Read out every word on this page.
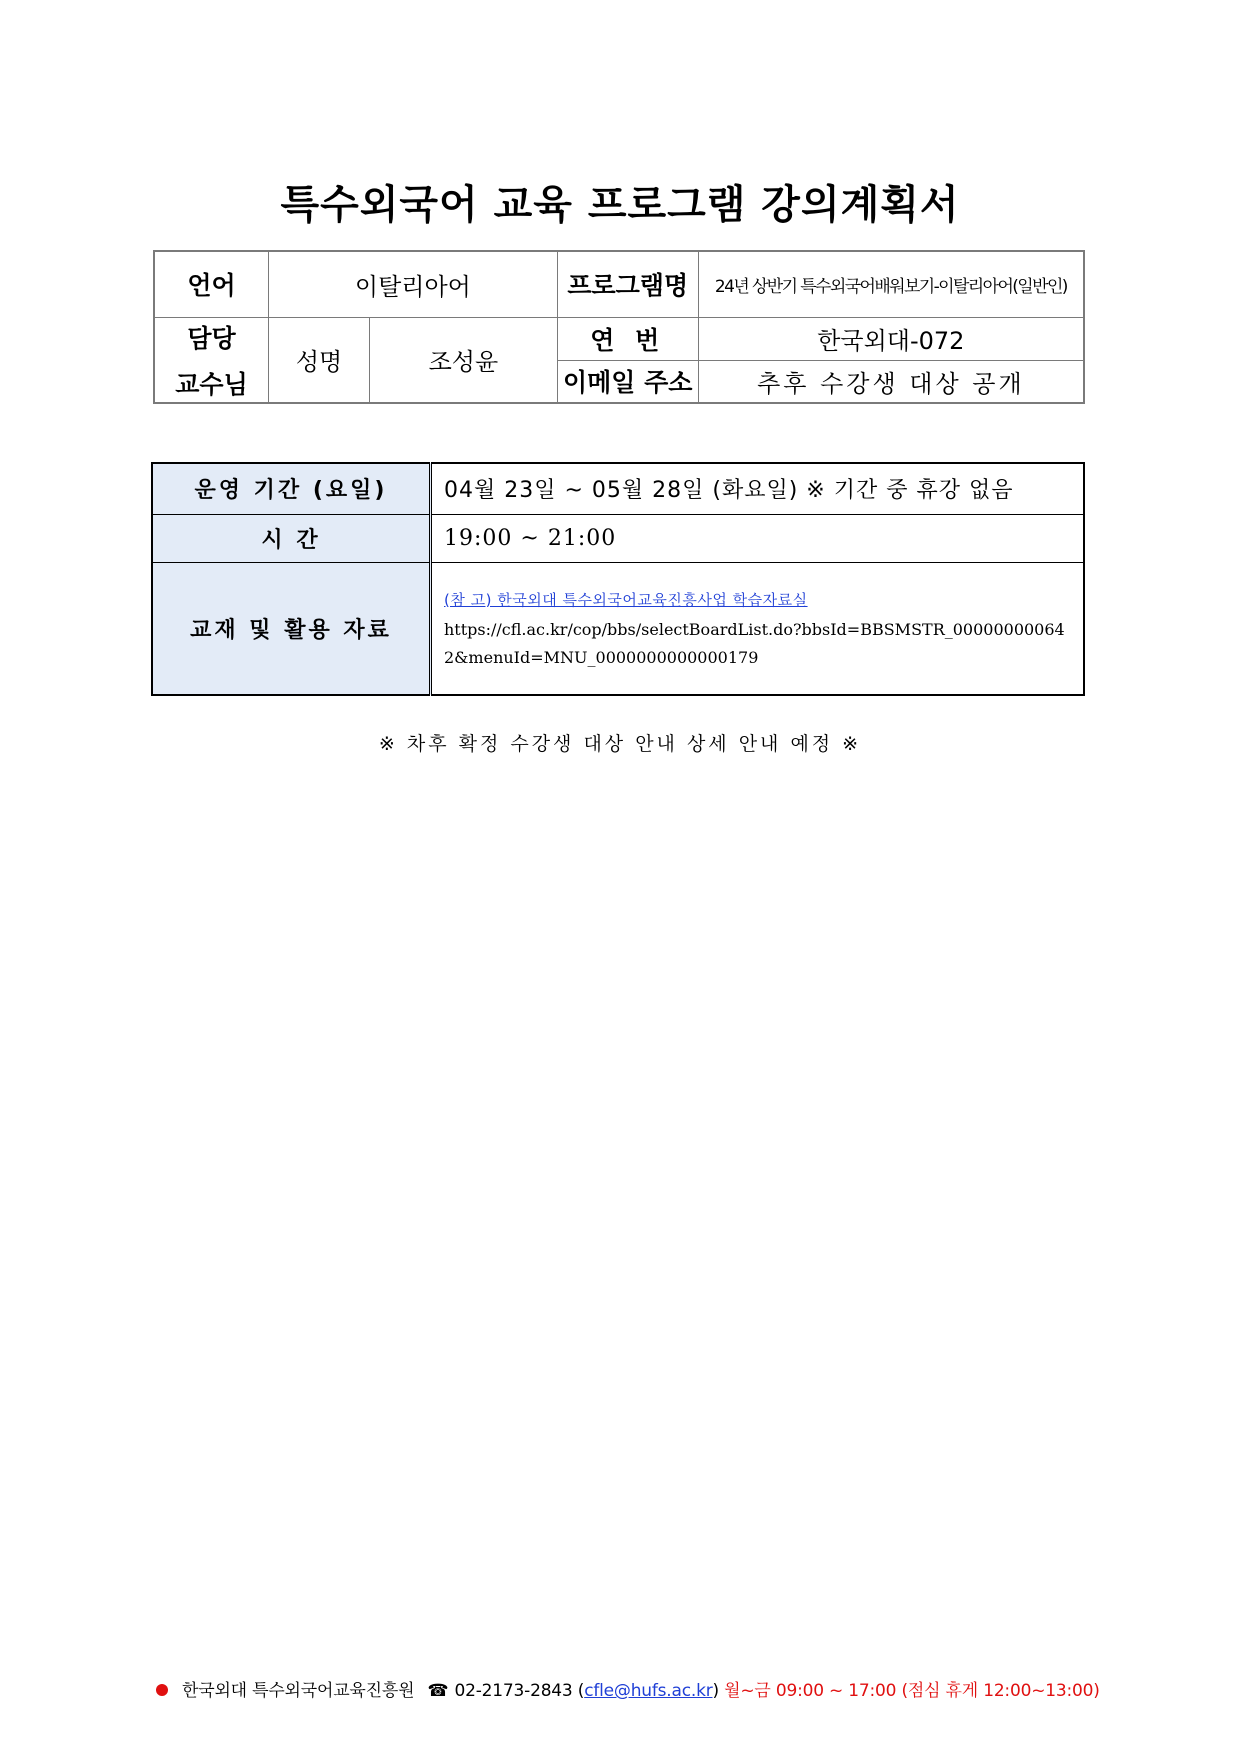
특수외국어 교육 프로그램 강의계획서
언어	이탈리아어		프로그램명	24년 상반기 특수외국어배워보기-이탈리아어(일반인)

담당
교수님	성명	조성윤	연 번	한국외대-072
			이메일 주소	추후 수강생 대상 공개
운영 기간 (요일)	04월 23일 ~ 05월 28일 (화요일) ※ 기간 중 휴강 없음
시 간	19:00 ~ 21:00
교재 및 활용 자료	(참 고) 한국외대 특수외국어교육진흥사업 학습자료실
https://cfl.ac.kr/cop/bbs/selectBoardList.do?bbsId=BBSMSTR_000000000642&menuId=MNU_0000000000000179
※ 차후 확정 수강생 대상 안내 상세 안내 예정 ※
한국외대 특수외국어교육진흥원 ☎ 02-2173-2843 (cfle@hufs.ac.kr) 월~금 09:00 ~ 17:00 (점심 휴게 12:00~13:00)
